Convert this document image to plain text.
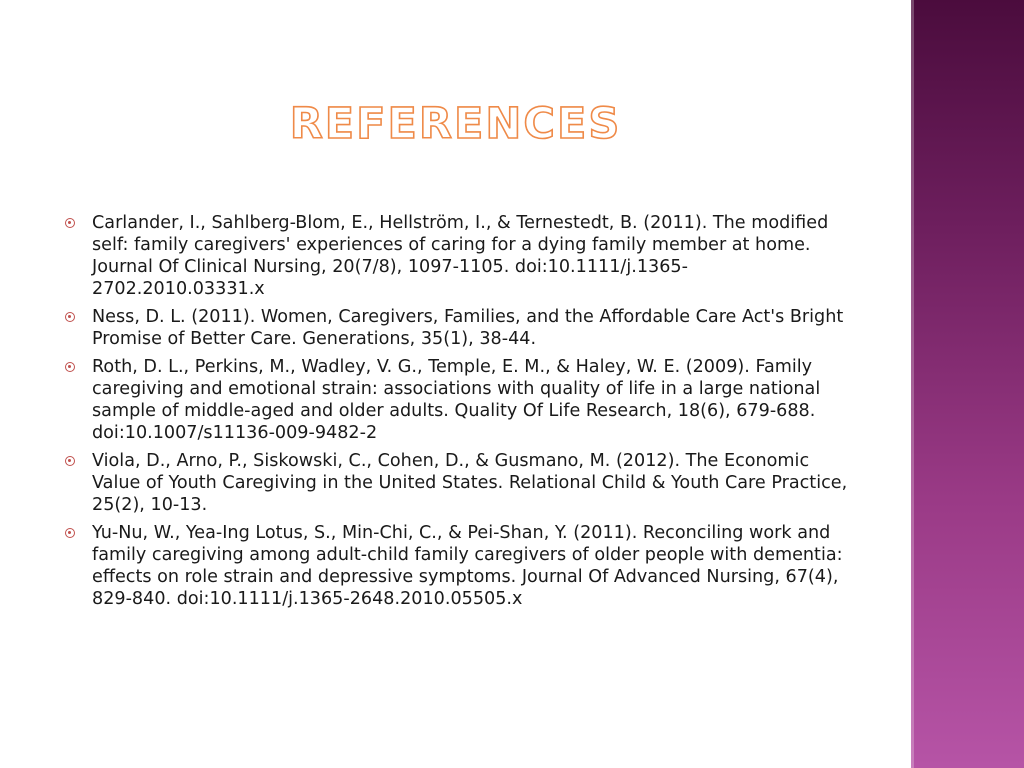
REFERENCES
Carlander, I., Sahlberg-Blom, E., Hellström, I., & Ternestedt, B. (2011). The modified self: family caregivers' experiences of caring for a dying family member at home. Journal Of Clinical Nursing, 20(7/8), 1097-1105. doi:10.1111/j.1365-2702.2010.03331.x
Ness, D. L. (2011). Women, Caregivers, Families, and the Affordable Care Act's Bright Promise of Better Care. Generations, 35(1), 38-44.
Roth, D. L., Perkins, M., Wadley, V. G., Temple, E. M., & Haley, W. E. (2009). Family caregiving and emotional strain: associations with quality of life in a large national sample of middle-aged and older adults. Quality Of Life Research, 18(6), 679-688. doi:10.1007/s11136-009-9482-2
Viola, D., Arno, P., Siskowski, C., Cohen, D., & Gusmano, M. (2012). The Economic Value of Youth Caregiving in the United States. Relational Child & Youth Care Practice, 25(2), 10-13.
Yu-Nu, W., Yea-Ing Lotus, S., Min-Chi, C., & Pei-Shan, Y. (2011). Reconciling work and family caregiving among adult-child family caregivers of older people with dementia: effects on role strain and depressive symptoms. Journal Of Advanced Nursing, 67(4), 829-840. doi:10.1111/j.1365-2648.2010.05505.x
